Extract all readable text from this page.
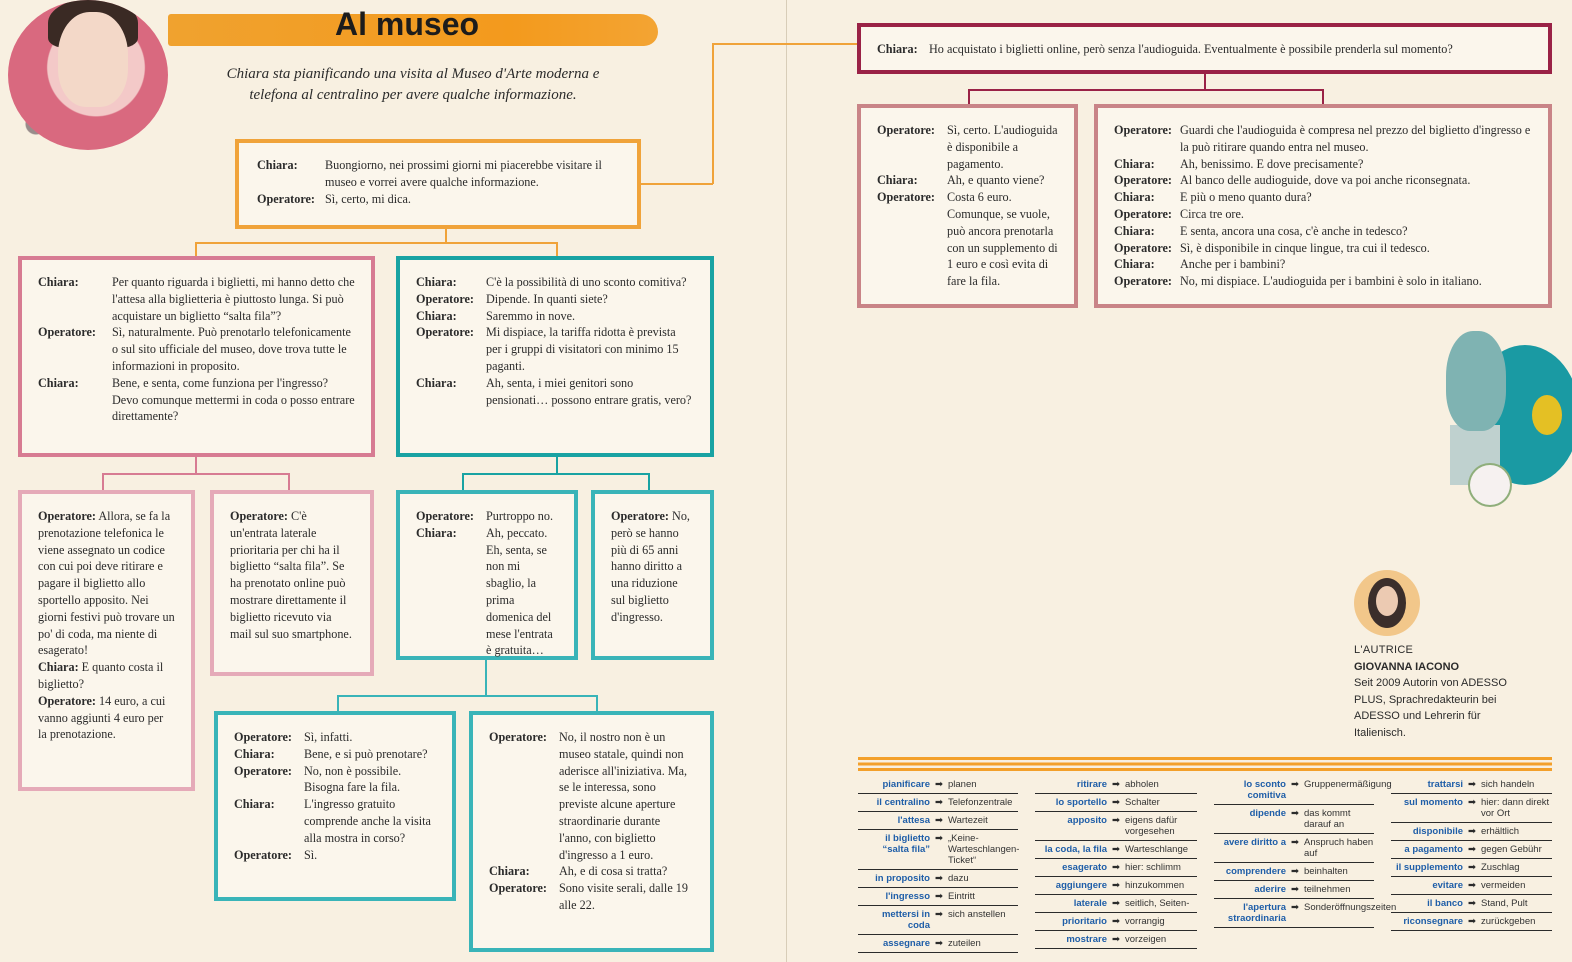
Al museo
Chiara sta pianificando una visita al Museo d'Arte moderna e telefona al centralino per avere qualche informazione.
Chiara:	Buongiorno, nei prossimi giorni mi piacerebbe visitare il museo e vorrei avere qualche informazione.
Operatore: Sì, certo, mi dica.
Chiara:	Per quanto riguarda i biglietti, mi hanno detto che l'attesa alla biglietteria è piuttosto lunga. Si può acquistare un biglietto “salta fila”?
Operatore:	Sì, naturalmente. Può prenotarlo telefonicamente o sul sito ufficiale del museo, dove trova tutte le informazioni in proposito.
Chiara:	Bene, e senta, come funziona per l'ingresso? Devo comunque mettermi in coda o posso entrare direttamente?
Chiara:	C'è la possibilità di uno sconto comitiva?
Operatore: Dipende. In quanti siete?
Chiara:	Saremmo in nove.
Operatore: Mi dispiace, la tariffa ridotta è prevista per i gruppi di visitatori con minimo 15 paganti.
Chiara:	Ah, senta, i miei genitori sono pensionati… possono entrare gratis, vero?
Operatore: Allora, se fa la prenotazione telefonica le viene assegnato un codice con cui poi deve ritirare e pagare il biglietto allo sportello apposito. Nei giorni festivi può trovare un po' di coda, ma niente di esagerato!
Chiara: E quanto costa il biglietto?
Operatore: 14 euro, a cui vanno aggiunti 4 euro per la prenotazione.
Operatore: C'è un'entrata laterale prioritaria per chi ha il biglietto “salta fila”. Se ha prenotato online può mostrare direttamente il biglietto ricevuto via mail sul suo smartphone.
Operatore: Purtroppo no.
Chiara:	Ah, peccato. Eh, senta, se non mi sbaglio, la prima domenica del mese l'entrata è gratuita…
Operatore: No, però se hanno più di 65 anni hanno diritto a una riduzione sul biglietto d'ingresso.
Operatore: Sì, infatti.
Chiara:	Bene, e si può prenotare?
Operatore: No, non è possibile. Bisogna fare la fila.
Chiara:	L'ingresso gratuito comprende anche la visita alla mostra in corso?
Operatore: Sì.
Operatore: No, il nostro non è un museo statale, quindi non aderisce all'iniziativa. Ma, se le interessa, sono previste alcune aperture straordinarie durante l'anno, con biglietto d'ingresso a 1 euro.
Chiara:	Ah, e di cosa si tratta?
Operatore: Sono visite serali, dalle 19 alle 22.
Chiara: Ho acquistato i biglietti online, però senza l'audioguida. Eventualmente è possibile prenderla sul momento?
Operatore: Sì, certo. L'audioguida è disponibile a pagamento.
Chiara:	Ah, e quanto viene?
Operatore: Costa 6 euro. Comunque, se vuole, può ancora prenotarla con un supplemento di 1 euro e così evita di fare la fila.
Operatore: Guardi che l'audioguida è compresa nel prezzo del biglietto d'ingresso e la può ritirare quando entra nel museo.
Chiara:	Ah, benissimo. E dove precisamente?
Operatore: Al banco delle audioguide, dove va poi anche riconsegnata.
Chiara:	E più o meno quanto dura?
Operatore: Circa tre ore.
Chiara:	E senta, ancora una cosa, c'è anche in tedesco?
Operatore: Sì, è disponibile in cinque lingue, tra cui il tedesco.
Chiara:	Anche per i bambini?
Operatore: No, mi dispiace. L'audioguida per i bambini è solo in italiano.
L'AUTRICE
GIOVANNA IACONO
Seit 2009 Autorin von ADESSO PLUS, Sprachredakteurin bei ADESSO und Lehrerin für Italienisch.
pianificare ➡ planen
il centralino ➡ Telefonzentrale
l'attesa ➡ Wartezeit
il biglietto “salta fila”
➡ „Keine-Warteschlangen-Ticket“
in proposito ➡ dazu
l'ingresso ➡ Eintritt
mettersi in coda
➡ sich anstellen
assegnare ➡ zuteilen
ritirare ➡ abholen
lo sportello ➡ Schalter
apposito ➡ eigens dafür vorgesehen
la coda, la fila ➡ Warteschlange
esagerato ➡ hier: schlimm
aggiungere ➡ hinzukommen
laterale ➡ seitlich, Seiten-
prioritario ➡ vorrangig
mostrare ➡ vorzeigen
lo sconto comitiva
➡ Gruppenermäßigung
dipende ➡ das kommt darauf an
avere diritto a ➡ Anspruch haben auf
comprendere ➡ beinhalten
aderire ➡ teilnehmen
l'apertura straordinaria
➡ Sonderöffnungszeiten
trattarsi ➡ sich handeln
sul momento ➡ hier: dann direkt vor Ort
disponibile ➡ erhältlich
a pagamento ➡ gegen Gebühr
il supplemento ➡ Zuschlag
evitare ➡ vermeiden
il banco ➡ Stand, Pult
riconsegnare ➡ zurückgeben
